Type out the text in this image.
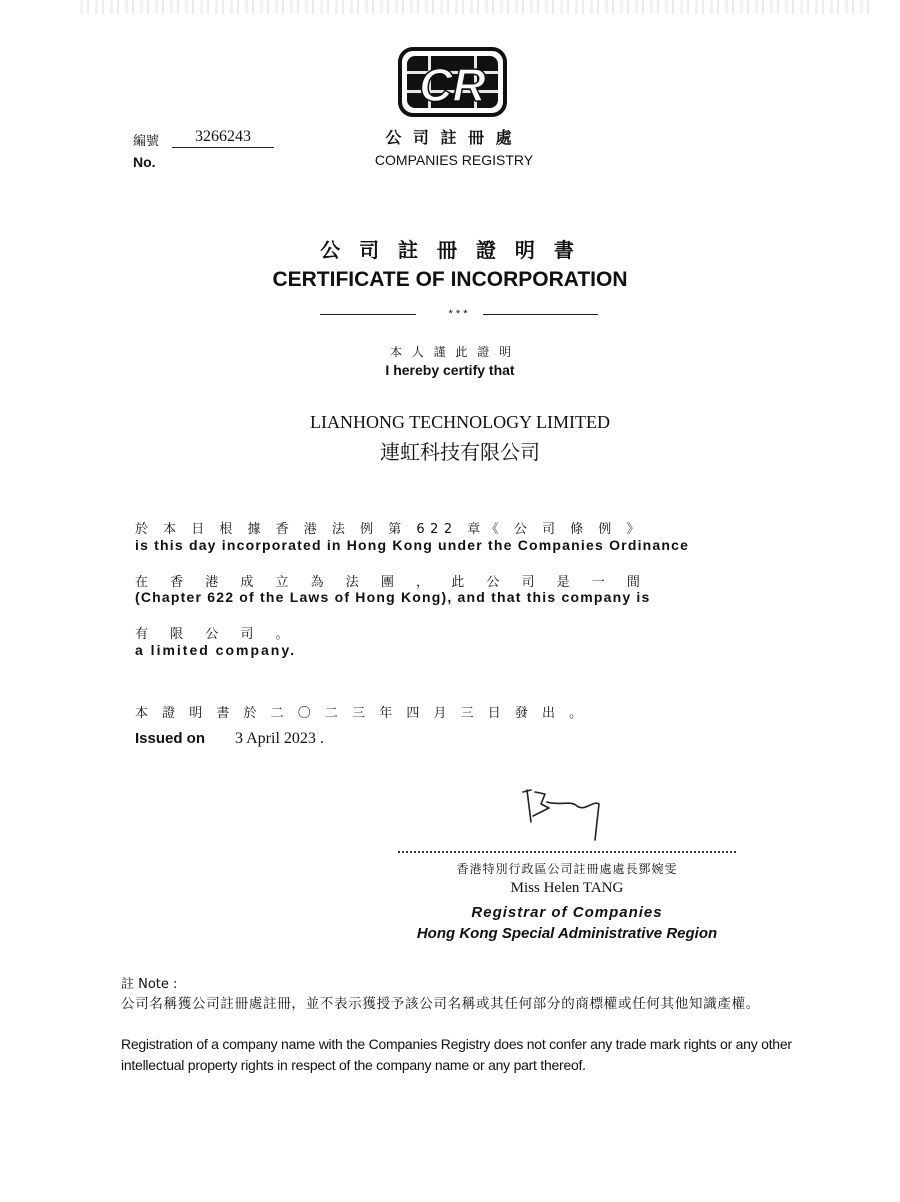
編號
No.
3266243
CR
公 司 註 冊 處
COMPANIES REGISTRY
公 司 註 冊 證 明 書
CERTIFICATE OF INCORPORATION
* * *
本 人 謹 此 證 明
I hereby certify that
LIANHONG TECHNOLOGY LIMITED
連虹科技有限公司
於 本 日 根 據 香 港 法 例 第 622 章《 公 司 條 例 》
is this day incorporated in Hong Kong under the Companies Ordinance
在 香 港 成 立 為 法 團 ， 此 公 司 是 一 間
(Chapter 622 of the Laws of Hong Kong), and that this company is
有 限 公 司 。
a limited company.
本 證 明 書 於 二 〇 二 三 年 四 月 三 日 發 出 。
Issued on 3 April 2023 .
香港特別行政區公司註冊處處長鄧婉雯
Miss Helen TANG
Registrar of Companies
Hong Kong Special Administrative Region
註 Note :
公司名稱獲公司註冊處註冊，並不表示獲授予該公司名稱或其任何部分的商標權或任何其他知識產權。
Registration of a company name with the Companies Registry does not confer any trade mark rights or any other intellectual property rights in respect of the company name or any part thereof.
